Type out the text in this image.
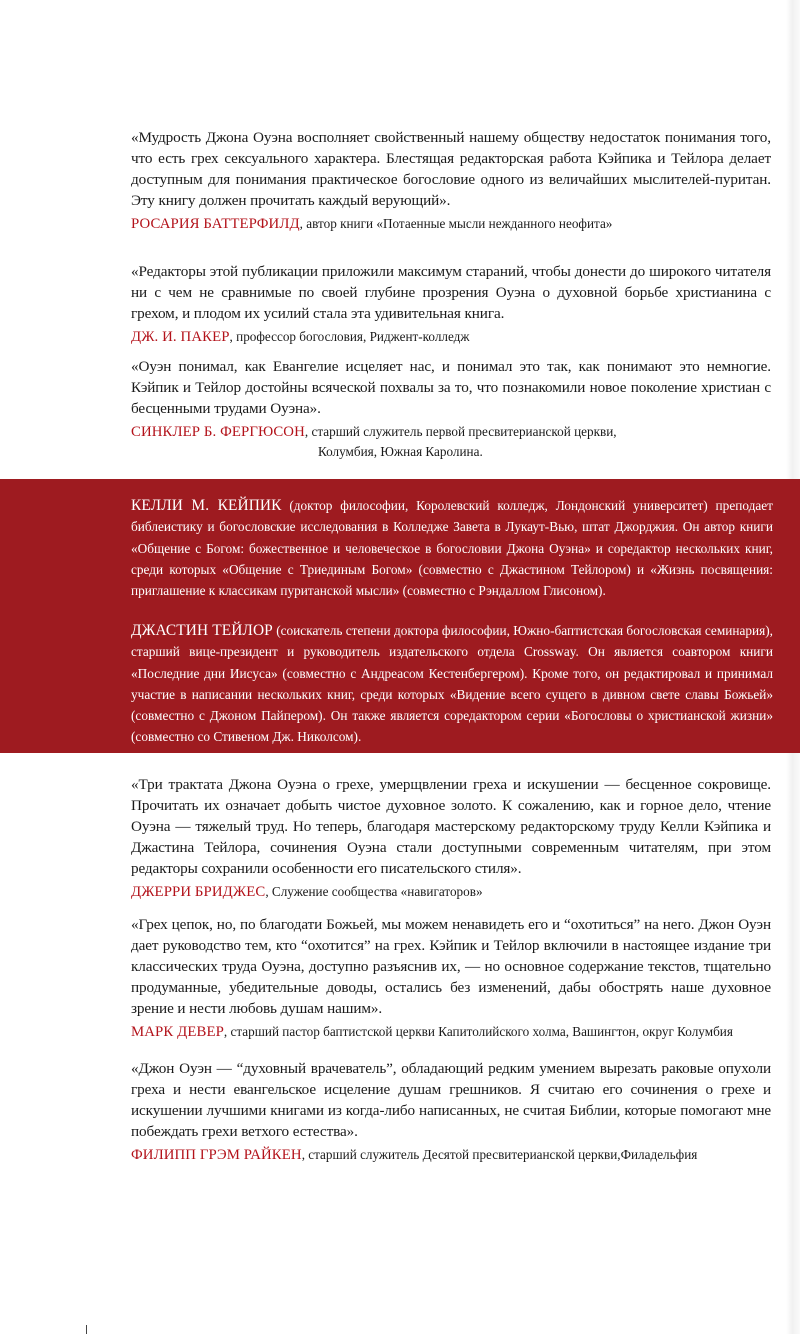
«Мудрость Джона Оуэна восполняет свойственный нашему обществу недостаток понимания того, что есть грех сексуального характера. Блестящая редакторская работа Кэйпика и Тейлора делает доступным для понимания практическое богословие одного из величайших мыслителей-пуритан. Эту книгу должен прочитать каждый верующий».

РОСАРИЯ БАТТЕРФИЛД, автор книги «Потаенные мысли нежданного неофита»

«Редакторы этой публикации приложили максимум стараний, чтобы донести до широкого читателя ни с чем не сравнимые по своей глубине прозрения Оуэна о духовной борьбе христианина с грехом, и плодом их усилий стала эта удивительная книга.

ДЖ. И. ПАКЕР, профессор богословия, Риджент-колледж

«Оуэн понимал, как Евангелие исцеляет нас, и понимал это так, как понимают это немногие. Кэйпик и Тейлор достойны всяческой похвалы за то, что познакомили новое поколение христиан с бесценными трудами Оуэна».

СИНКЛЕР Б. ФЕРГЮСОН, старший служитель первой пресвитерианской церкви,

Колумбия, Южная Каролина.

КЕЛЛИ М. КЕЙПИК (доктор философии, Королевский колледж, Лондонский университет) преподает библеистику и богословские исследования в Колледже Завета в Лукаут-Вью, штат Джорджия. Он автор книги «Общение с Богом: божественное и человеческое в богословии Джона Оуэна» и соредактор нескольких книг, среди которых «Общение с Триединым Богом» (совместно с Джастином Тейлором) и «Жизнь посвящения: приглашение к классикам пуританской мысли» (совместно с Рэндаллом Глисоном).

ДЖАСТИН ТЕЙЛОР (соискатель степени доктора философии, Южно-баптистская богословская семинария), старший вице-президент и руководитель издательского отдела Crossway. Он является соавтором книги «Последние дни Иисуса» (совместно с Андреасом Кестенбергером). Кроме того, он редактировал и принимал участие в написании нескольких книг, среди которых «Видение всего сущего в дивном свете славы Божьей» (совместно с Джоном Пайпером). Он также является соредактором серии «Богословы о христианской жизни» (совместно со Стивеном Дж. Николсом).

«Три трактата Джона Оуэна о грехе, умерщвлении греха и искушении — бесценное сокровище. Прочитать их означает добыть чистое духовное золото. К сожалению, как и горное дело, чтение Оуэна — тяжелый труд. Но теперь, благодаря мастерскому редакторскому труду Келли Кэйпика и Джастина Тейлора, сочинения Оуэна стали доступными современным читателям, при этом редакторы сохранили особенности его писательского стиля».

ДЖЕРРИ БРИДЖЕС, Служение сообщества «навигаторов»

«Грех цепок, но, по благодати Божьей, мы можем ненавидеть его и “охотиться” на него. Джон Оуэн дает руководство тем, кто “охотится” на грех. Кэйпик и Тейлор включили в настоящее издание три классических труда Оуэна, доступно разъяснив их, — но основное содержание текстов, тщательно продуманные, убедительные доводы, остались без изменений, дабы обострять наше духовное зрение и нести любовь душам нашим».

МАРК ДЕВЕР, старший пастор баптистской церкви Капитолийского холма, Вашингтон, округ Колумбия

«Джон Оуэн — “духовный врачеватель”, обладающий редким умением вырезать раковые опухоли греха и нести евангельское исцеление душам грешников. Я считаю его сочинения о грехе и искушении лучшими книгами из когда-либо написанных, не считая Библии, которые помогают мне побеждать грехи ветхого естества».

ФИЛИПП ГРЭМ РАЙКЕН, старший служитель Десятой пресвитерианской церкви,Филадельфия
